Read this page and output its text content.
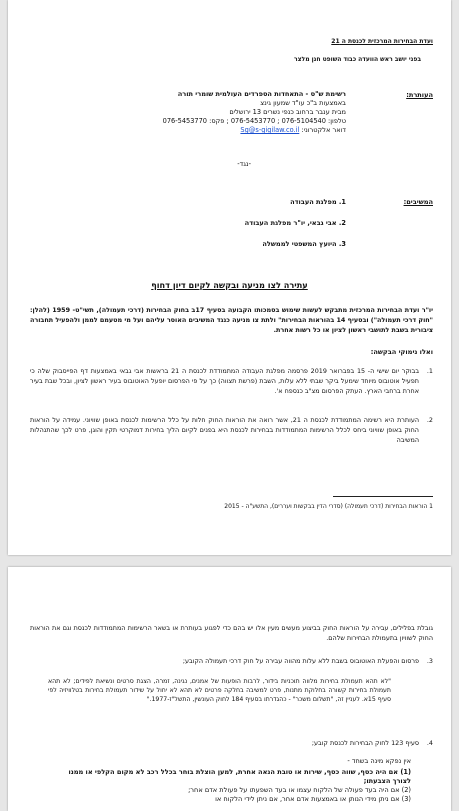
ועדת הבחירות המרכזית לכנסת ה 21
בפני יושב ראש הוועדה כבוד השופט חנן מלצר
העותרת:
רשימת ש"ס - התאחדות הספרדים העולמית שומרי תורה
באמצעות ב"כ עו"ד שמעון גינצ
מבית ענבר ברחוב כנפי נשרים 13 ירושלים
טלפון: 076-5104540 ; 076-5453770 ; פקס: 076-5453770
דואר אלקטרוני: Sg@s-gigilaw.co.il
-נגד-
המשיבים:
1. מפלגת העבודה
2. אבי גבאי, יו"ר מפלגת העבודה
3. היועץ המשפטי לממשלה
עתירה לצו מניעה ובקשה לקיום דיון דחוף
יו"ר ועדת הבחירות המרכזית מתבקש לעשות שימוש בסמכותו הקבועה בסעיף 17ב בחוק הבחירות (דרכי תעמולה), תשי"ט- 1959 (להלן: "חוק דרכי תעמולה") ובסעיף 14 בהוראות הבחירות" ולתת צו מניעה כנגד המשיבים האוסר עליהם ועל מי מטעמם לממן ולהפעיל תחבורה ציבורית בשבת לתושבי ראשון לציון או כל רשות אחרת.
ואלו נימוקי הבקשה:
1.
בבוקר יום שישי ה- 15 בפברואר 2019 פרסמה מפלגת העבודה המתמודדת לכנסת ה 21 בראשות אבי גבאי באמצעות דף הפייסבוק שלה כי תפעיל אוטובוס מיוחד שימעל ביקר שבתי ללא עלות, השבת (פרשת תצווה) כך על פי הפרסום יופעל האוטובוס בעיר ראשון לציון, ובכל שבת בעיר אחרת ברחבי הארץ. העתק הפרסום מצ"ב כנספח א'.
2.
העותרת היא רשימה המתמודדת לכנסת ה 21, אשר רואה את הוראות החוק חלות על כלל הרשימות לכנסת באופן שוויוני. עמידה על הוראות החוק באופן שוויוני ביחס לכלל הרשימות המתמודדות בבחירות לכנסת היא בפנים לקיום הליך בחירות דמוקרטי תקין והוגן, פרט לכך שהתנהלות המשיבה
1 הוראות הבחירות (דרכי תעמולה) (סדרי הדין בבקשות ועררים), התשע"ה - 2015
גובלת בפלילים, עבירה על הוראות החוק בביצוע מעשים מעין אלו יש בהם כדי לפגוע בעותרת או בשאר הרשימות המתמודדות לכנסת וגם את הוראות החוק לשוויון בתעמולת הבחירות שלהם.
3.
פרסום והפעלת האוטובוס בשבת ללא עלות מהווה עבירה על חוק דרכי תעמולה הקובע;
"לא תהא תעמולת בחירות מלווה תוכניות בידור, לרבות הופעות של אמנים, נגינה, זמרה, הצגת סרטים ונשיאת לפידים; לא תהא תעמולת בחירות קשורה בחלוקת מתנות, פרט למשיבה בחלקה פרטים לא תהא לא יחול על שידור תעמולת בחירות בטלוויזיה לפי סעיף 15א. לעניין זה, "תשלום משכר" - כהגדרתו בסעיף 184 לחוק העונשין, התשל"ז-1977."
4.
סעיף 123 לחוק הבחירות לכנסת קובע;
אין נפקא מינה בשחד -
(1) אם היה כסף, שווה כסף, שירות או טובת הנאה אחרת, למען הוצלת בוחר בכלל רכב לא מקום הקלפי או ממנו לצורך הצבעתו;
(2) אם היה בעד פעולה של הלקוח עצמו או בעד השפעתו על פעולת אדם אחר;
(3) אם ניתן מידי הנותן או באמצעות אדם אחר, אם ניתן לידי הלקוח או
